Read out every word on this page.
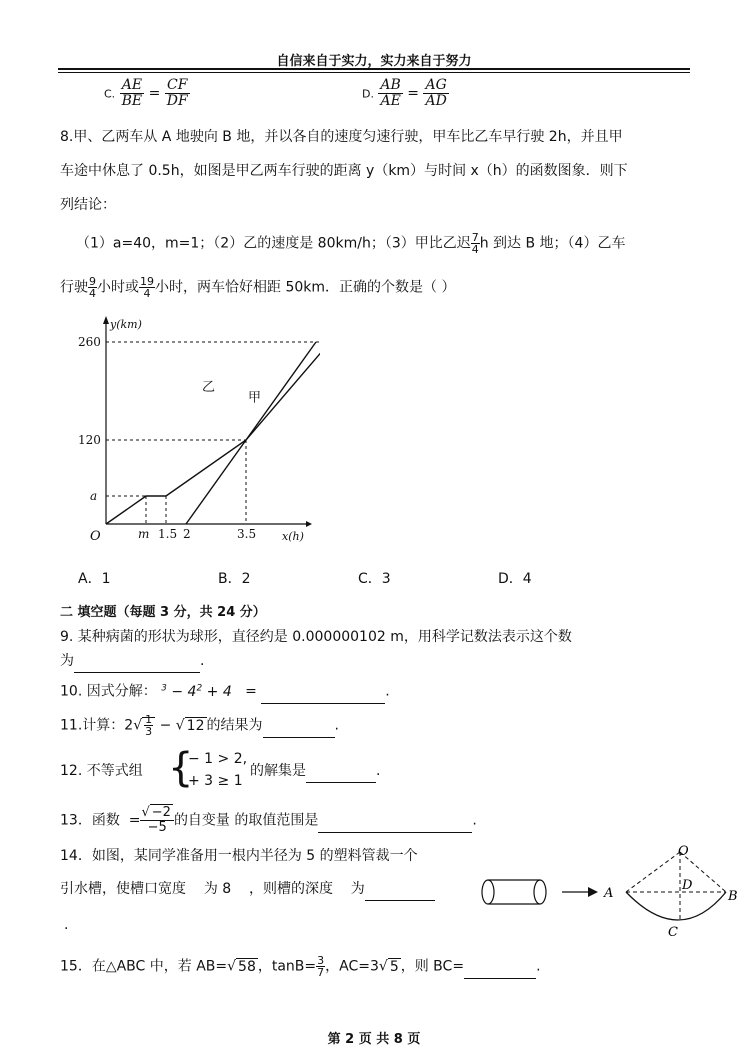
自信来自于实力，实力来自于努力
C. $\frac{AE}{BE} = \frac{CF}{DF}$	D. $\frac{AB}{AE} = \frac{AG}{AD}$
8.甲、乙两车从 A 地驶向 B 地，并以各自的速度匀速行驶，甲车比乙车早行驶 2h，并且甲
车途中休息了 0.5h，如图是甲乙两车行驶的距离 y（km）与时间 x（h）的函数图象．则下
列结论：
（1）a=40，m=1；（2）乙的速度是 80km/h；（3）甲比乙迟 $\frac{7}{4}$ h 到达 B 地；（4）乙车
行驶 $\frac{9}{4}$ 小时或 $\frac{19}{4}$ 小时，两车恰好相距 50km．正确的个数是（ ）
y(km)
x(h)
O
乙
甲
260
120
a
m 1.5 2	3.5
A．1	B．2	C．3	D．4
二 填空题（每题 3 分，共 24 分）
9. 某种病菌的形状为球形，直径约是 0.000000102 m，用科学记数法表示这个数
为	.
10. 因式分解： $^3 - 4^2 + 4$ =	.
11.计算：$2√ \frac{1}{3}$ − √ 12 的结果为	.
12. 不等式组 {
− 1 > 2,
+ 3 ≥ 1
的解集是	.
13．函数 = $\frac{√ -2}{-5}$ 的自变量 的取值范围是	.
14．如图，某同学准备用一根内半径为 5 的塑料管裁一个
引水槽，使槽口宽度 为 8 ，则槽的深度 为
.
O
A	B
C
D
15．在△ABC 中，若 AB=√ 58 ，$\tan B= \frac{3}{7}$ ，AC=3√ 5 ，则 BC=	.
第 2 页 共 8 页
